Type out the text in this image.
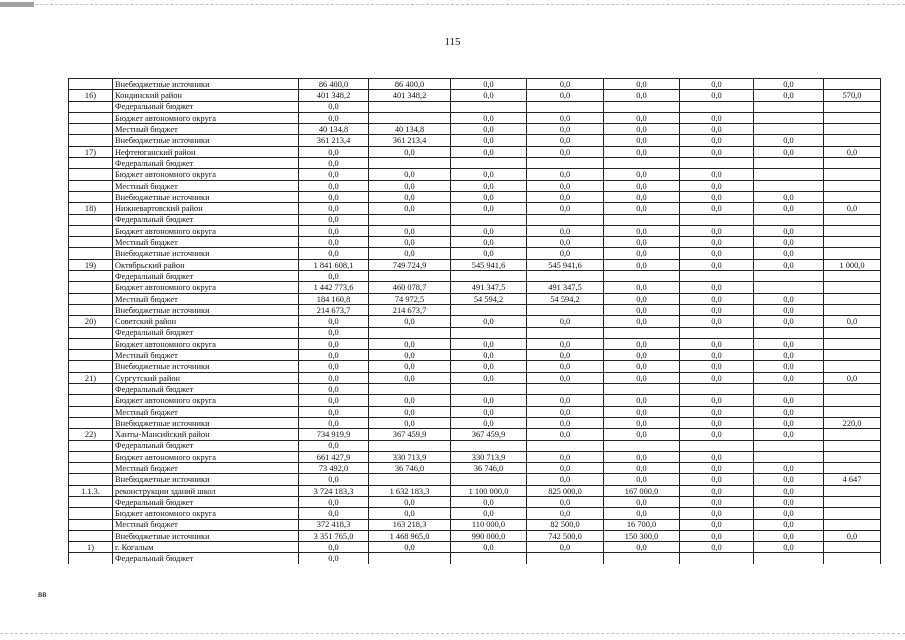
115
	Внебюджетные источники	86 400,0	86 400,0	0,0	0,0	0,0	0,0	0,0	
16)	Кондинский район	401 348,2	401 348,2	0,0	0,0	0,0	0,0	0,0	570,0
	Федеральный бюджет	0,0							
	Бюджет автономного округа	0,0		0,0	0,0	0,0	0,0		
	Местный бюджет	40 134,8	40 134,8	0,0	0,0	0,0	0,0		
	Внебюджетные источники	361 213,4	361 213,4	0,0	0,0	0,0	0,0	0,0	
17)	Нефтеюганский район	0,0	0,0	0,0	0,0	0,0	0,0	0,0	0,0
	Федеральный бюджет	0,0							
	Бюджет автономного округа	0,0	0,0	0,0	0,0	0,0	0,0		
	Местный бюджет	0,0	0,0	0,0	0,0	0,0	0,0		
	Внебюджетные источники	0,0	0,0	0,0	0,0	0,0	0,0	0,0	
18)	Нижневартовский район	0,0	0,0	0,0	0,0	0,0	0,0	0,0	0,0
	Федеральный бюджет	0,0							
	Бюджет автономного округа	0,0	0,0	0,0	0,0	0,0	0,0	0,0	
	Местный бюджет	0,0	0,0	0,0	0,0	0,0	0,0	0,0	
	Внебюджетные источники	0,0	0,0	0,0	0,0	0,0	0,0	0,0	
19)	Октябрьский район	1 841 608,1	749 724,9	545 941,6	545 941,6	0,0	0,0	0,0	1 000,0
	Федеральный бюджет	0,0							
	Бюджет автономного округа	1 442 773,6	460 078,7	491 347,5	491 347,5	0,0	0,0		
	Местный бюджет	184 160,8	74 972,5	54 594,2	54 594,2	0,0	0,0	0,0	
	Внебюджетные источники	214 673,7	214 673,7			0,0	0,0	0,0	
20)	Советский район	0,0	0,0	0,0	0,0	0,0	0,0	0,0	0,0
	Федеральный бюджет	0,0							
	Бюджет автономного округа	0,0	0,0	0,0	0,0	0,0	0,0	0,0	
	Местный бюджет	0,0	0,0	0,0	0,0	0,0	0,0	0,0	
	Внебюджетные источники	0,0	0,0	0,0	0,0	0,0	0,0	0,0	
21)	Сургутский район	0,0	0,0	0,0	0,0	0,0	0,0	0,0	0,0
	Федеральный бюджет	0,0							
	Бюджет автономного округа	0,0	0,0	0,0	0,0	0,0	0,0	0,0	
	Местный бюджет	0,0	0,0	0,0	0,0	0,0	0,0	0,0	
	Внебюджетные источники	0,0	0,0	0,0	0,0	0,0	0,0	0,0	220,0
22)	Ханты-Мансийский район	734 919,9	367 459,9	367 459,9	0,0	0,0	0,0	0,0	
	Федеральный бюджет	0,0							
	Бюджет автономного округа	661 427,9	330 713,9	330 713,9	0,0	0,0	0,0		
	Местный бюджет	73 492,0	36 746,0	36 746,0	0,0	0,0	0,0	0,0	
	Внебюджетные источники	0,0			0,0	0,0	0,0	0,0	4 647
1.1.3.	реконструкции зданий школ	3 724 183,3	1 632 183,3	1 100 000,0	825 000,0	167 000,0	0,0	0,0	
	Федеральный бюджет	0,0	0,0	0,0	0,0	0,0	0,0	0,0	
	Бюджет автономного округа	0,0	0,0	0,0	0,0	0,0	0,0	0,0	
	Местный бюджет	372 418,3	163 218,3	110 000,0	82 500,0	16 700,0	0,0	0,0	
	Внебюджетные источники	3 351 765,0	1 468 965,0	990 000,0	742 500,0	150 300,0	0,0	0,0	0,0
1)	г. Когалым	0,0	0,0	0,0	0,0	0,0	0,0	0,0	
	Федеральный бюджет	0,0							
вв
